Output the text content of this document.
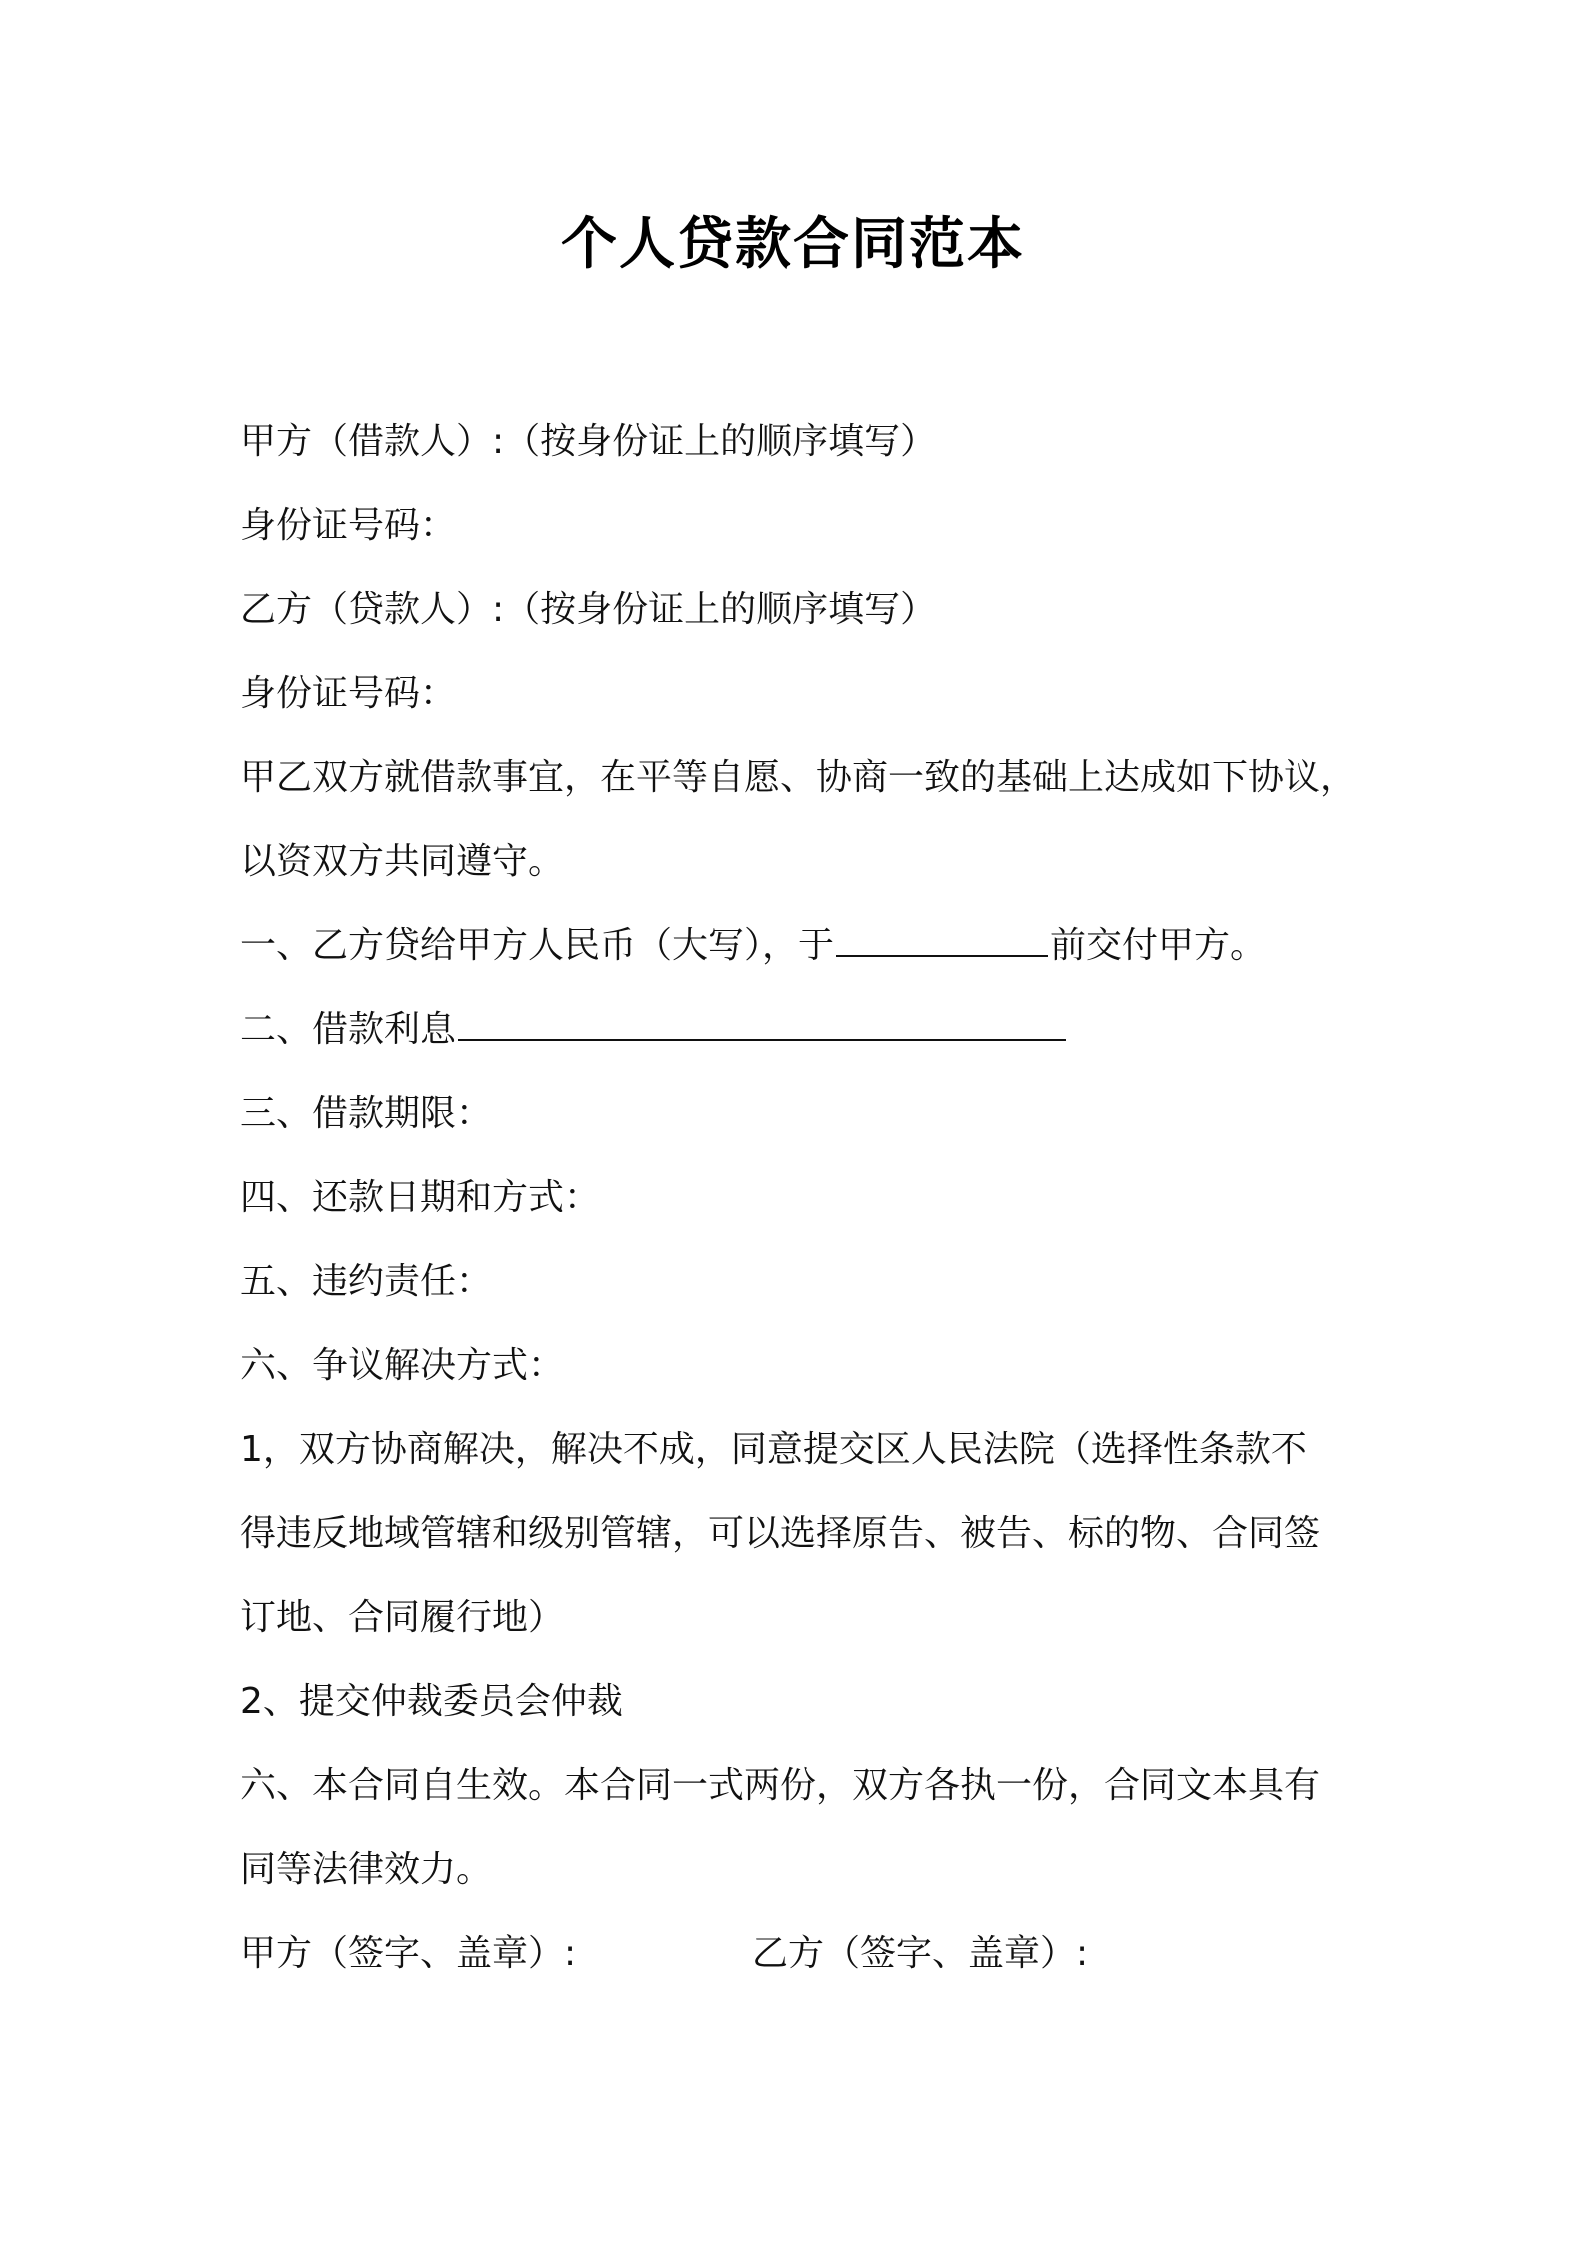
个人贷款合同范本
甲方（借款人）:（按身份证上的顺序填写）
身份证号码：
乙方（贷款人）:（按身份证上的顺序填写）
身份证号码：
甲乙双方就借款事宜，在平等自愿、协商一致的基础上达成如下协议，
以资双方共同遵守。
一、乙方贷给甲方人民币（大写），于	前交付甲方。
二、借款利息
三、借款期限：
四、还款日期和方式：
五、违约责任：
六、争议解决方式：
1，双方协商解决，解决不成，同意提交区人民法院（选择性条款不
得违反地域管辖和级别管辖，可以选择原告、被告、标的物、合同签
订地、合同履行地）
2、提交仲裁委员会仲裁
六、本合同自生效。本合同一式两份，双方各执一份，合同文本具有
同等法律效力。
甲方（签字、盖章）:	乙方（签字、盖章）:
